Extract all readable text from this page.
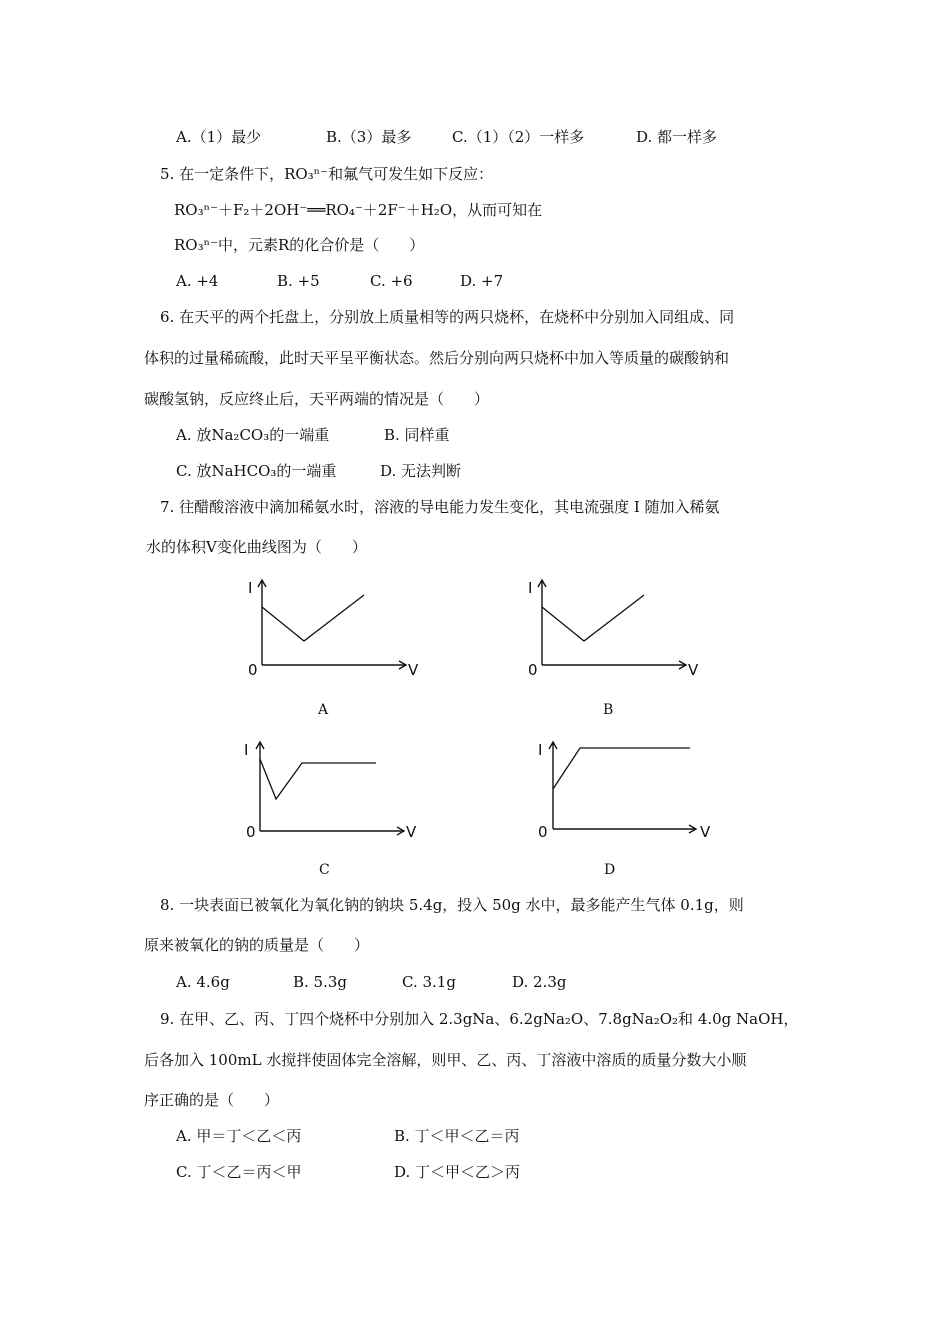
A.（1）最少	B.（3）最多	C.（1）（2）一样多	D. 都一样多
5. 在一定条件下，RO₃ⁿ⁻和氟气可发生如下反应：
RO₃ⁿ⁻＋F₂＋2OH⁻══RO₄⁻＋2F⁻＋H₂O，从而可知在
RO₃ⁿ⁻中，元素R的化合价是（　　）
A. +4	B. +5	C. +6	D. +7
6. 在天平的两个托盘上，分别放上质量相等的两只烧杯，在烧杯中分别加入同组成、同
体积的过量稀硫酸，此时天平呈平衡状态。然后分别向两只烧杯中加入等质量的碳酸钠和
碳酸氢钠，反应终止后，天平两端的情况是（　　）
A. 放Na₂CO₃的一端重	B. 同样重
C. 放NaHCO₃的一端重	D. 无法判断
7. 往醋酸溶液中滴加稀氨水时，溶液的导电能力发生变化，其电流强度 I 随加入稀氨
水的体积V变化曲线图为（　　）
I
0	V
A
I
0	V
B
I
0	V
C
I
0	V
D
8. 一块表面已被氧化为氧化钠的钠块 5.4g，投入 50g 水中，最多能产生气体 0.1g，则
原来被氧化的钠的质量是（　　）
A. 4.6g	B. 5.3g	C. 3.1g	D. 2.3g
9. 在甲、乙、丙、丁四个烧杯中分别加入 2.3gNa、6.2gNa₂O、7.8gNa₂O₂和 4.0g NaOH，
后各加入 100mL 水搅拌使固体完全溶解，则甲、乙、丙、丁溶液中溶质的质量分数大小顺
序正确的是（　　）
A. 甲＝丁＜乙＜丙	B. 丁＜甲＜乙＝丙
C. 丁＜乙＝丙＜甲	D. 丁＜甲＜乙＞丙
